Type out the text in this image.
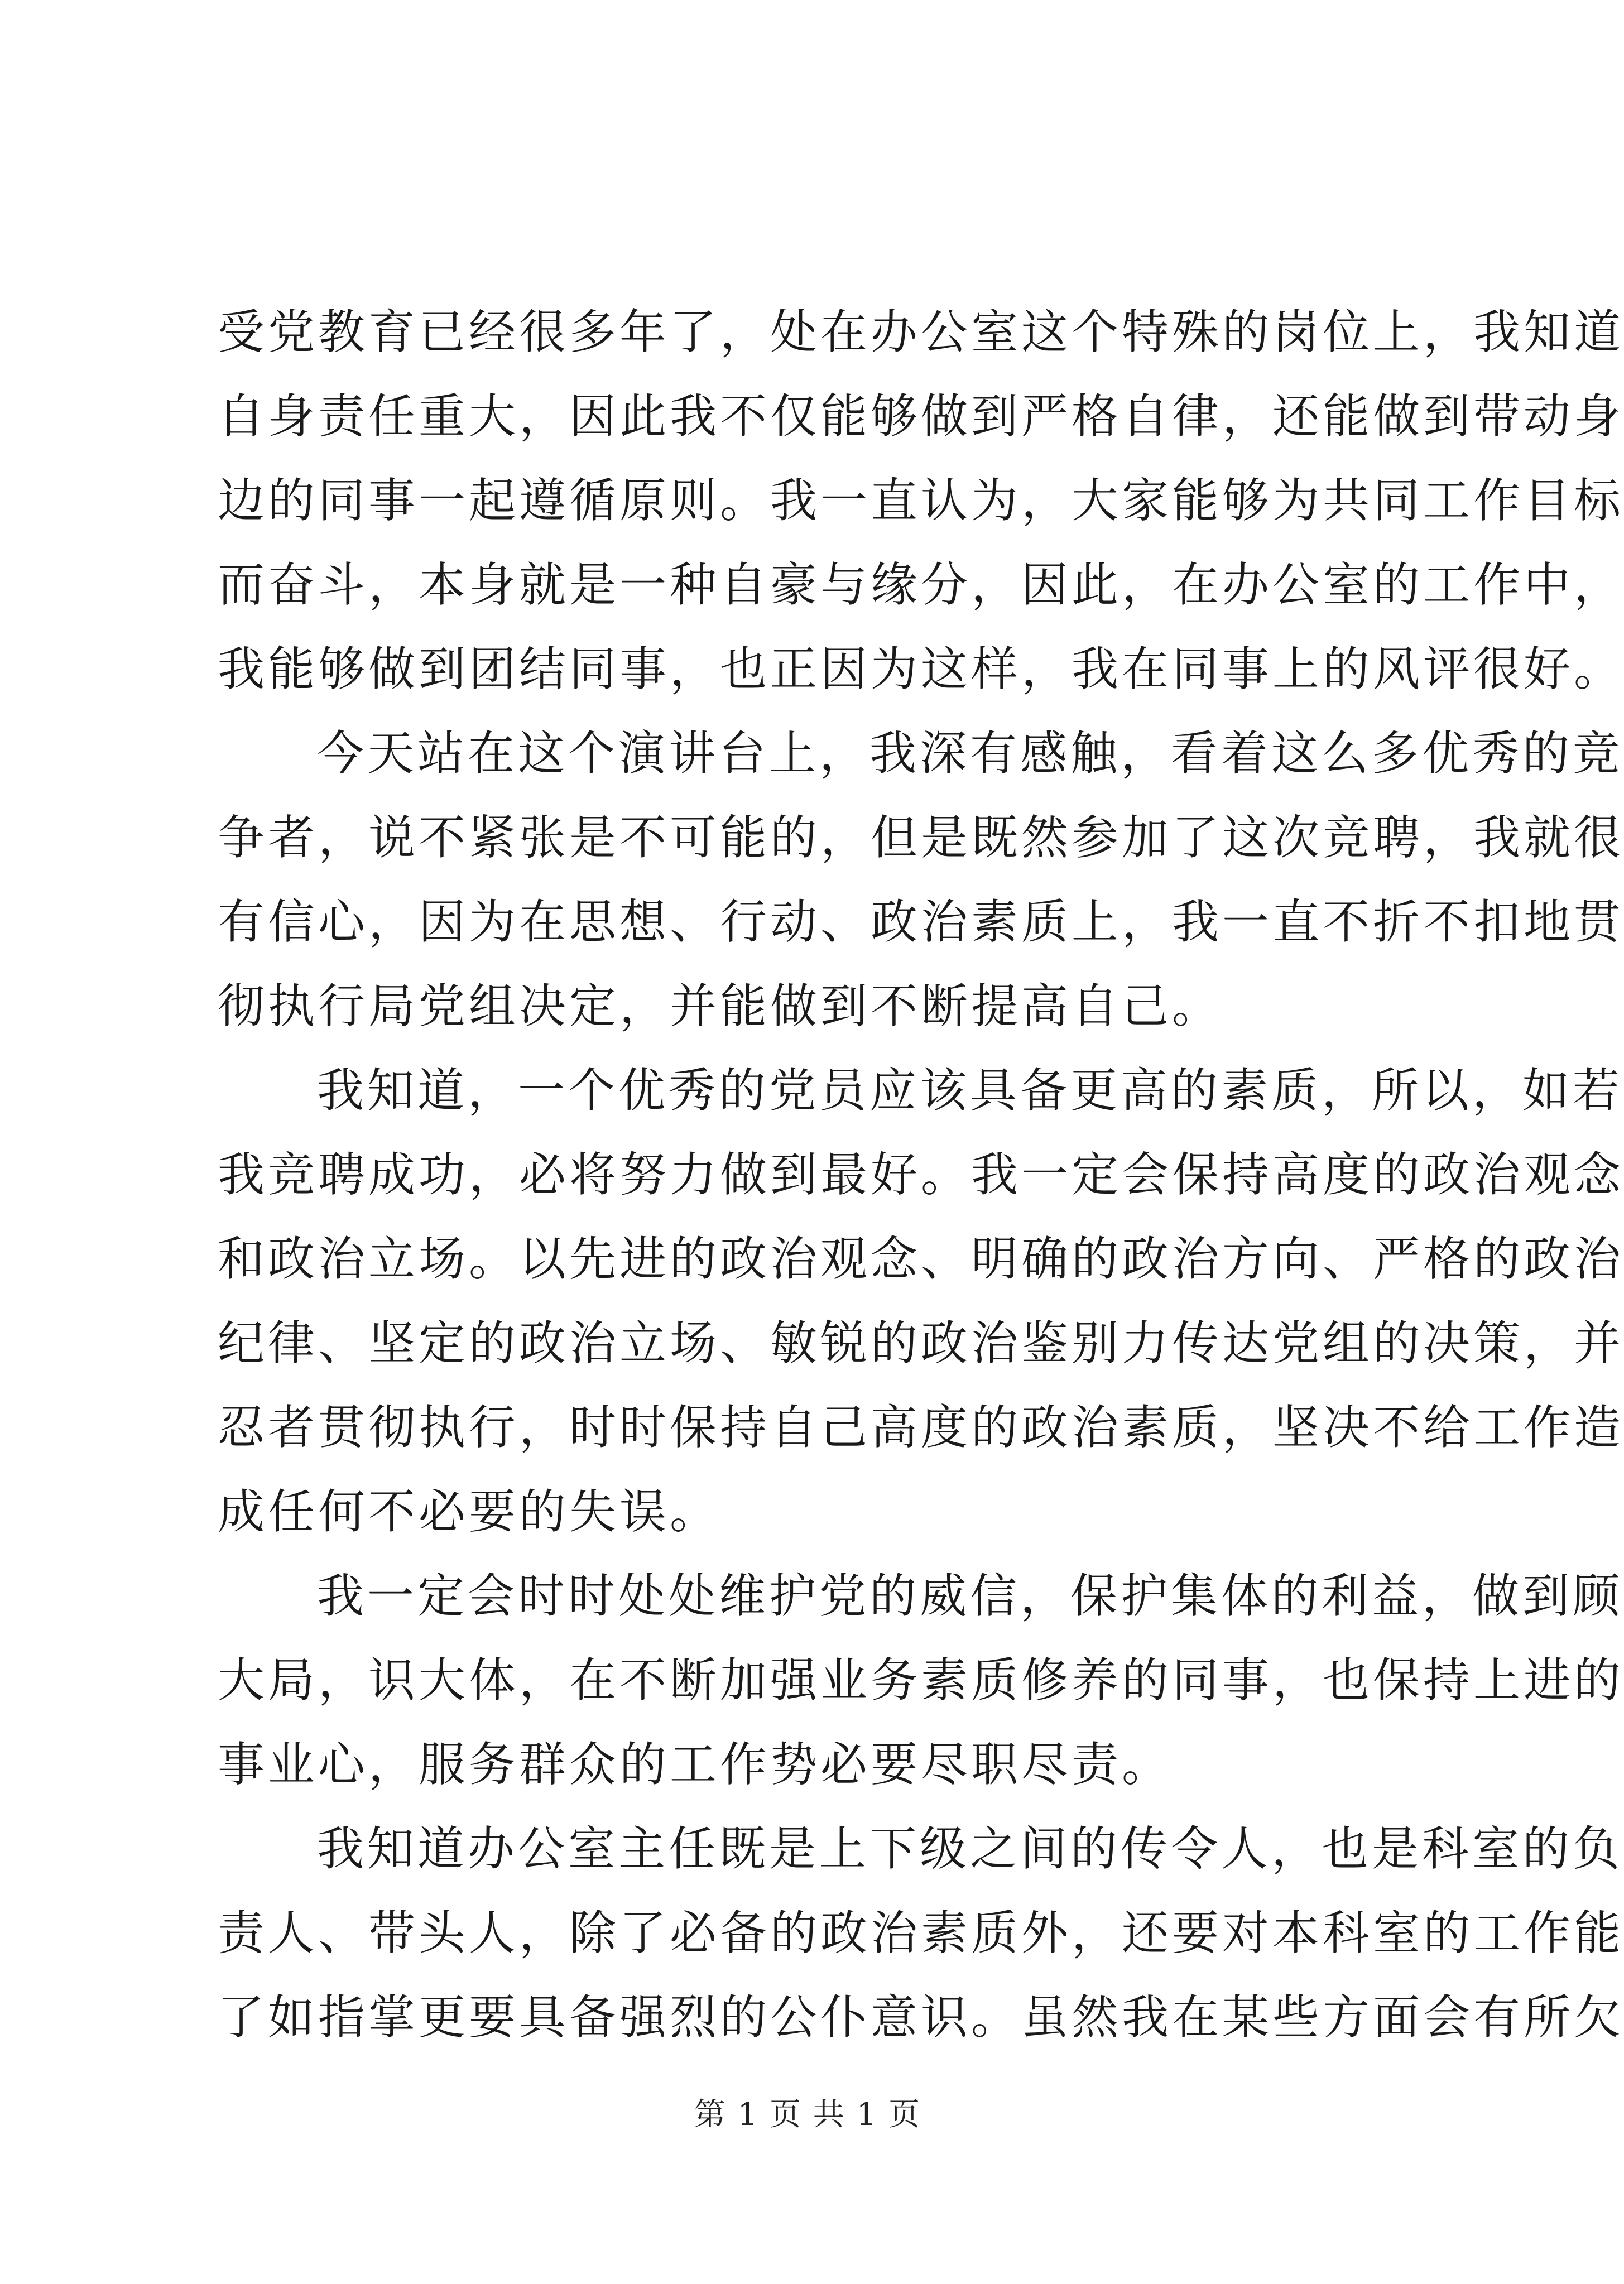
受党教育已经很多年了，处在办公室这个特殊的岗位上，我知道
自身责任重大，因此我不仅能够做到严格自律，还能做到带动身
边的同事一起遵循原则。我一直认为，大家能够为共同工作目标
而奋斗，本身就是一种自豪与缘分，因此，在办公室的工作中，
我能够做到团结同事，也正因为这样，我在同事上的风评很好。

今天站在这个演讲台上，我深有感触，看着这么多优秀的竞
争者，说不紧张是不可能的，但是既然参加了这次竞聘，我就很
有信心，因为在思想、行动、政治素质上，我一直不折不扣地贯
彻执行局党组决定，并能做到不断提高自己。

我知道，一个优秀的党员应该具备更高的素质，所以，如若
我竞聘成功，必将努力做到最好。我一定会保持高度的政治观念
和政治立场。以先进的政治观念、明确的政治方向、严格的政治
纪律、坚定的政治立场、敏锐的政治鉴别力传达党组的决策，并
忍者贯彻执行，时时保持自己高度的政治素质，坚决不给工作造
成任何不必要的失误。

我一定会时时处处维护党的威信，保护集体的利益，做到顾
大局，识大体，在不断加强业务素质修养的同事，也保持上进的
事业心，服务群众的工作势必要尽职尽责。

我知道办公室主任既是上下级之间的传令人，也是科室的负
责人、带头人，除了必备的政治素质外，还要对本科室的工作能
了如指掌更要具备强烈的公仆意识。虽然我在某些方面会有所欠

第 1 页 共 1 页
